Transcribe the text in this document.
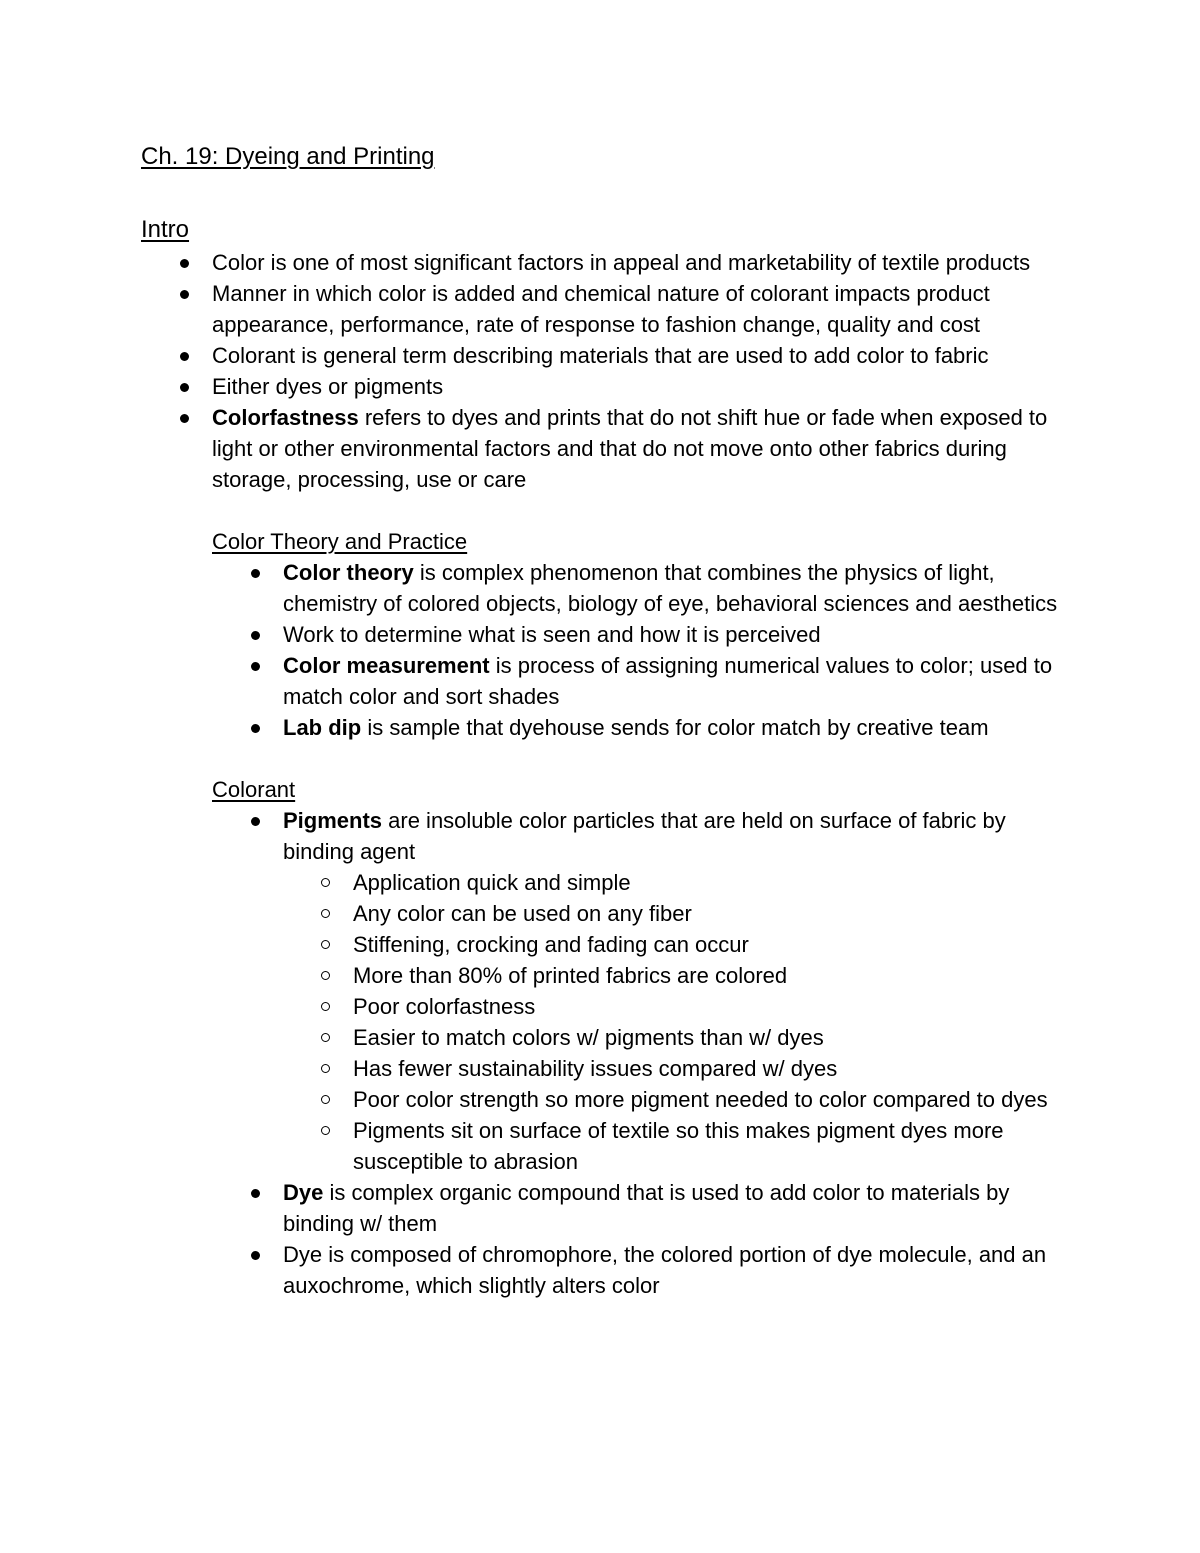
Ch. 19: Dyeing and Printing
Intro
Color is one of most significant factors in appeal and marketability of textile products
Manner in which color is added and chemical nature of colorant impacts product appearance, performance, rate of response to fashion change, quality and cost
Colorant is general term describing materials that are used to add color to fabric
Either dyes or pigments
Colorfastness refers to dyes and prints that do not shift hue or fade when exposed to light or other environmental factors and that do not move onto other fabrics during storage, processing, use or care

Color Theory and Practice

Color theory is complex phenomenon that combines the physics of light, chemistry of colored objects, biology of eye, behavioral sciences and aesthetics
Work to determine what is seen and how it is perceived
Color measurement is process of assigning numerical values to color; used to match color and sort shades
Lab dip is sample that dyehouse sends for color match by creative team

Colorant

Pigments are insoluble color particles that are held on surface of fabric by binding agent
Application quick and simple
Any color can be used on any fiber
Stiffening, crocking and fading can occur
More than 80% of printed fabrics are colored
Poor colorfastness
Easier to match colors w/ pigments than w/ dyes
Has fewer sustainability issues compared w/ dyes
Poor color strength so more pigment needed to color compared to dyes
Pigments sit on surface of textile so this makes pigment dyes more susceptible to abrasion
Dye is complex organic compound that is used to add color to materials by binding w/ them
Dye is composed of chromophore, the colored portion of dye molecule, and an auxochrome, which slightly alters color
